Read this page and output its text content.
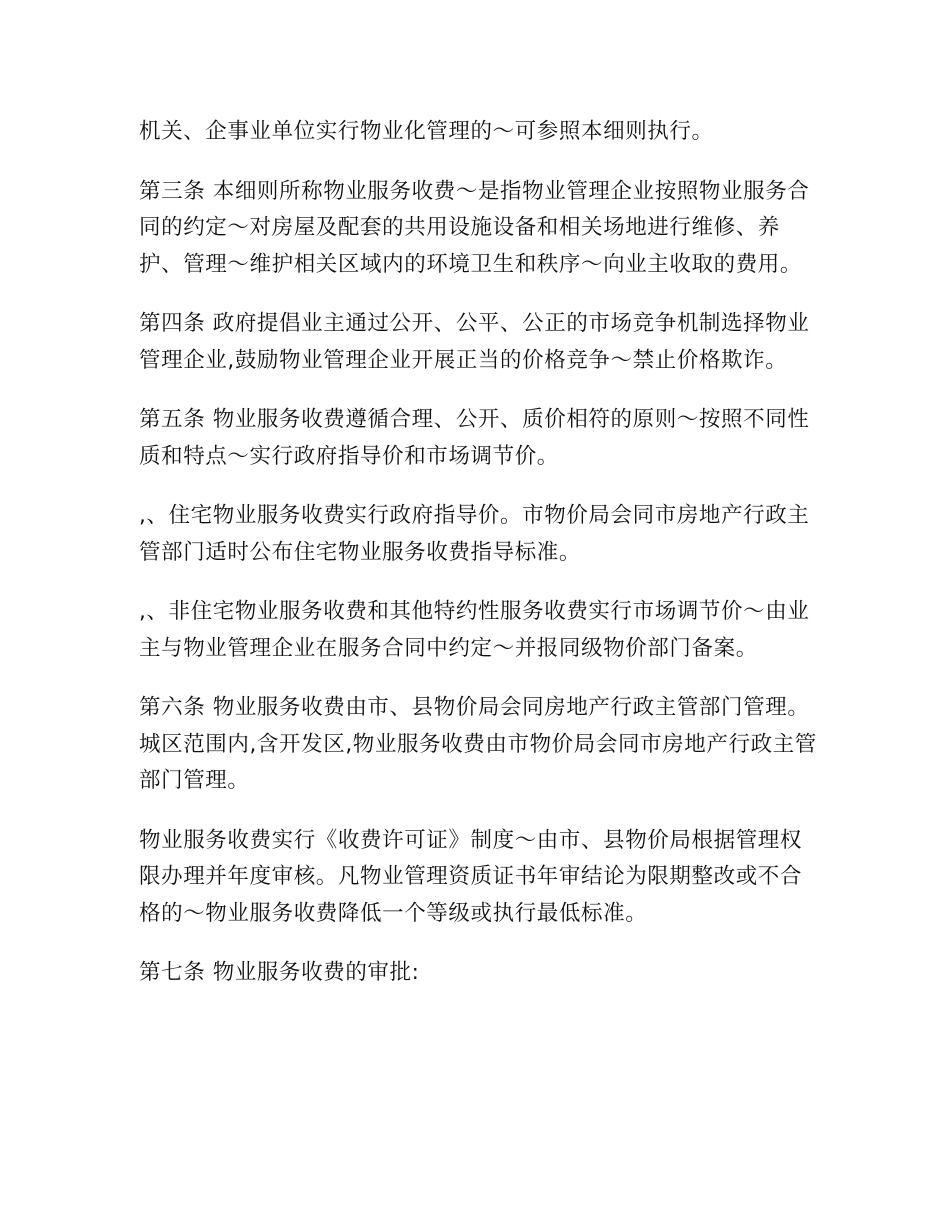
机关、企事业单位实行物业化管理的～可参照本细则执行。

第三条 本细则所称物业服务收费～是指物业管理企业按照物业服务合同的约定～对房屋及配套的共用设施设备和相关场地进行维修、养护、管理～维护相关区域内的环境卫生和秩序～向业主收取的费用。

第四条 政府提倡业主通过公开、公平、公正的市场竞争机制选择物业管理企业,鼓励物业管理企业开展正当的价格竞争～禁止价格欺诈。

第五条 物业服务收费遵循合理、公开、质价相符的原则～按照不同性质和特点～实行政府指导价和市场调节价。

,、住宅物业服务收费实行政府指导价。市物价局会同市房地产行政主管部门适时公布住宅物业服务收费指导标准。

,、非住宅物业服务收费和其他特约性服务收费实行市场调节价～由业主与物业管理企业在服务合同中约定～并报同级物价部门备案。

第六条 物业服务收费由市、县物价局会同房地产行政主管部门管理。城区范围内,含开发区,物业服务收费由市物价局会同市房地产行政主管部门管理。

物业服务收费实行《收费许可证》制度～由市、县物价局根据管理权限办理并年度审核。凡物业管理资质证书年审结论为限期整改或不合格的～物业服务收费降低一个等级或执行最低标准。

第七条 物业服务收费的审批:
